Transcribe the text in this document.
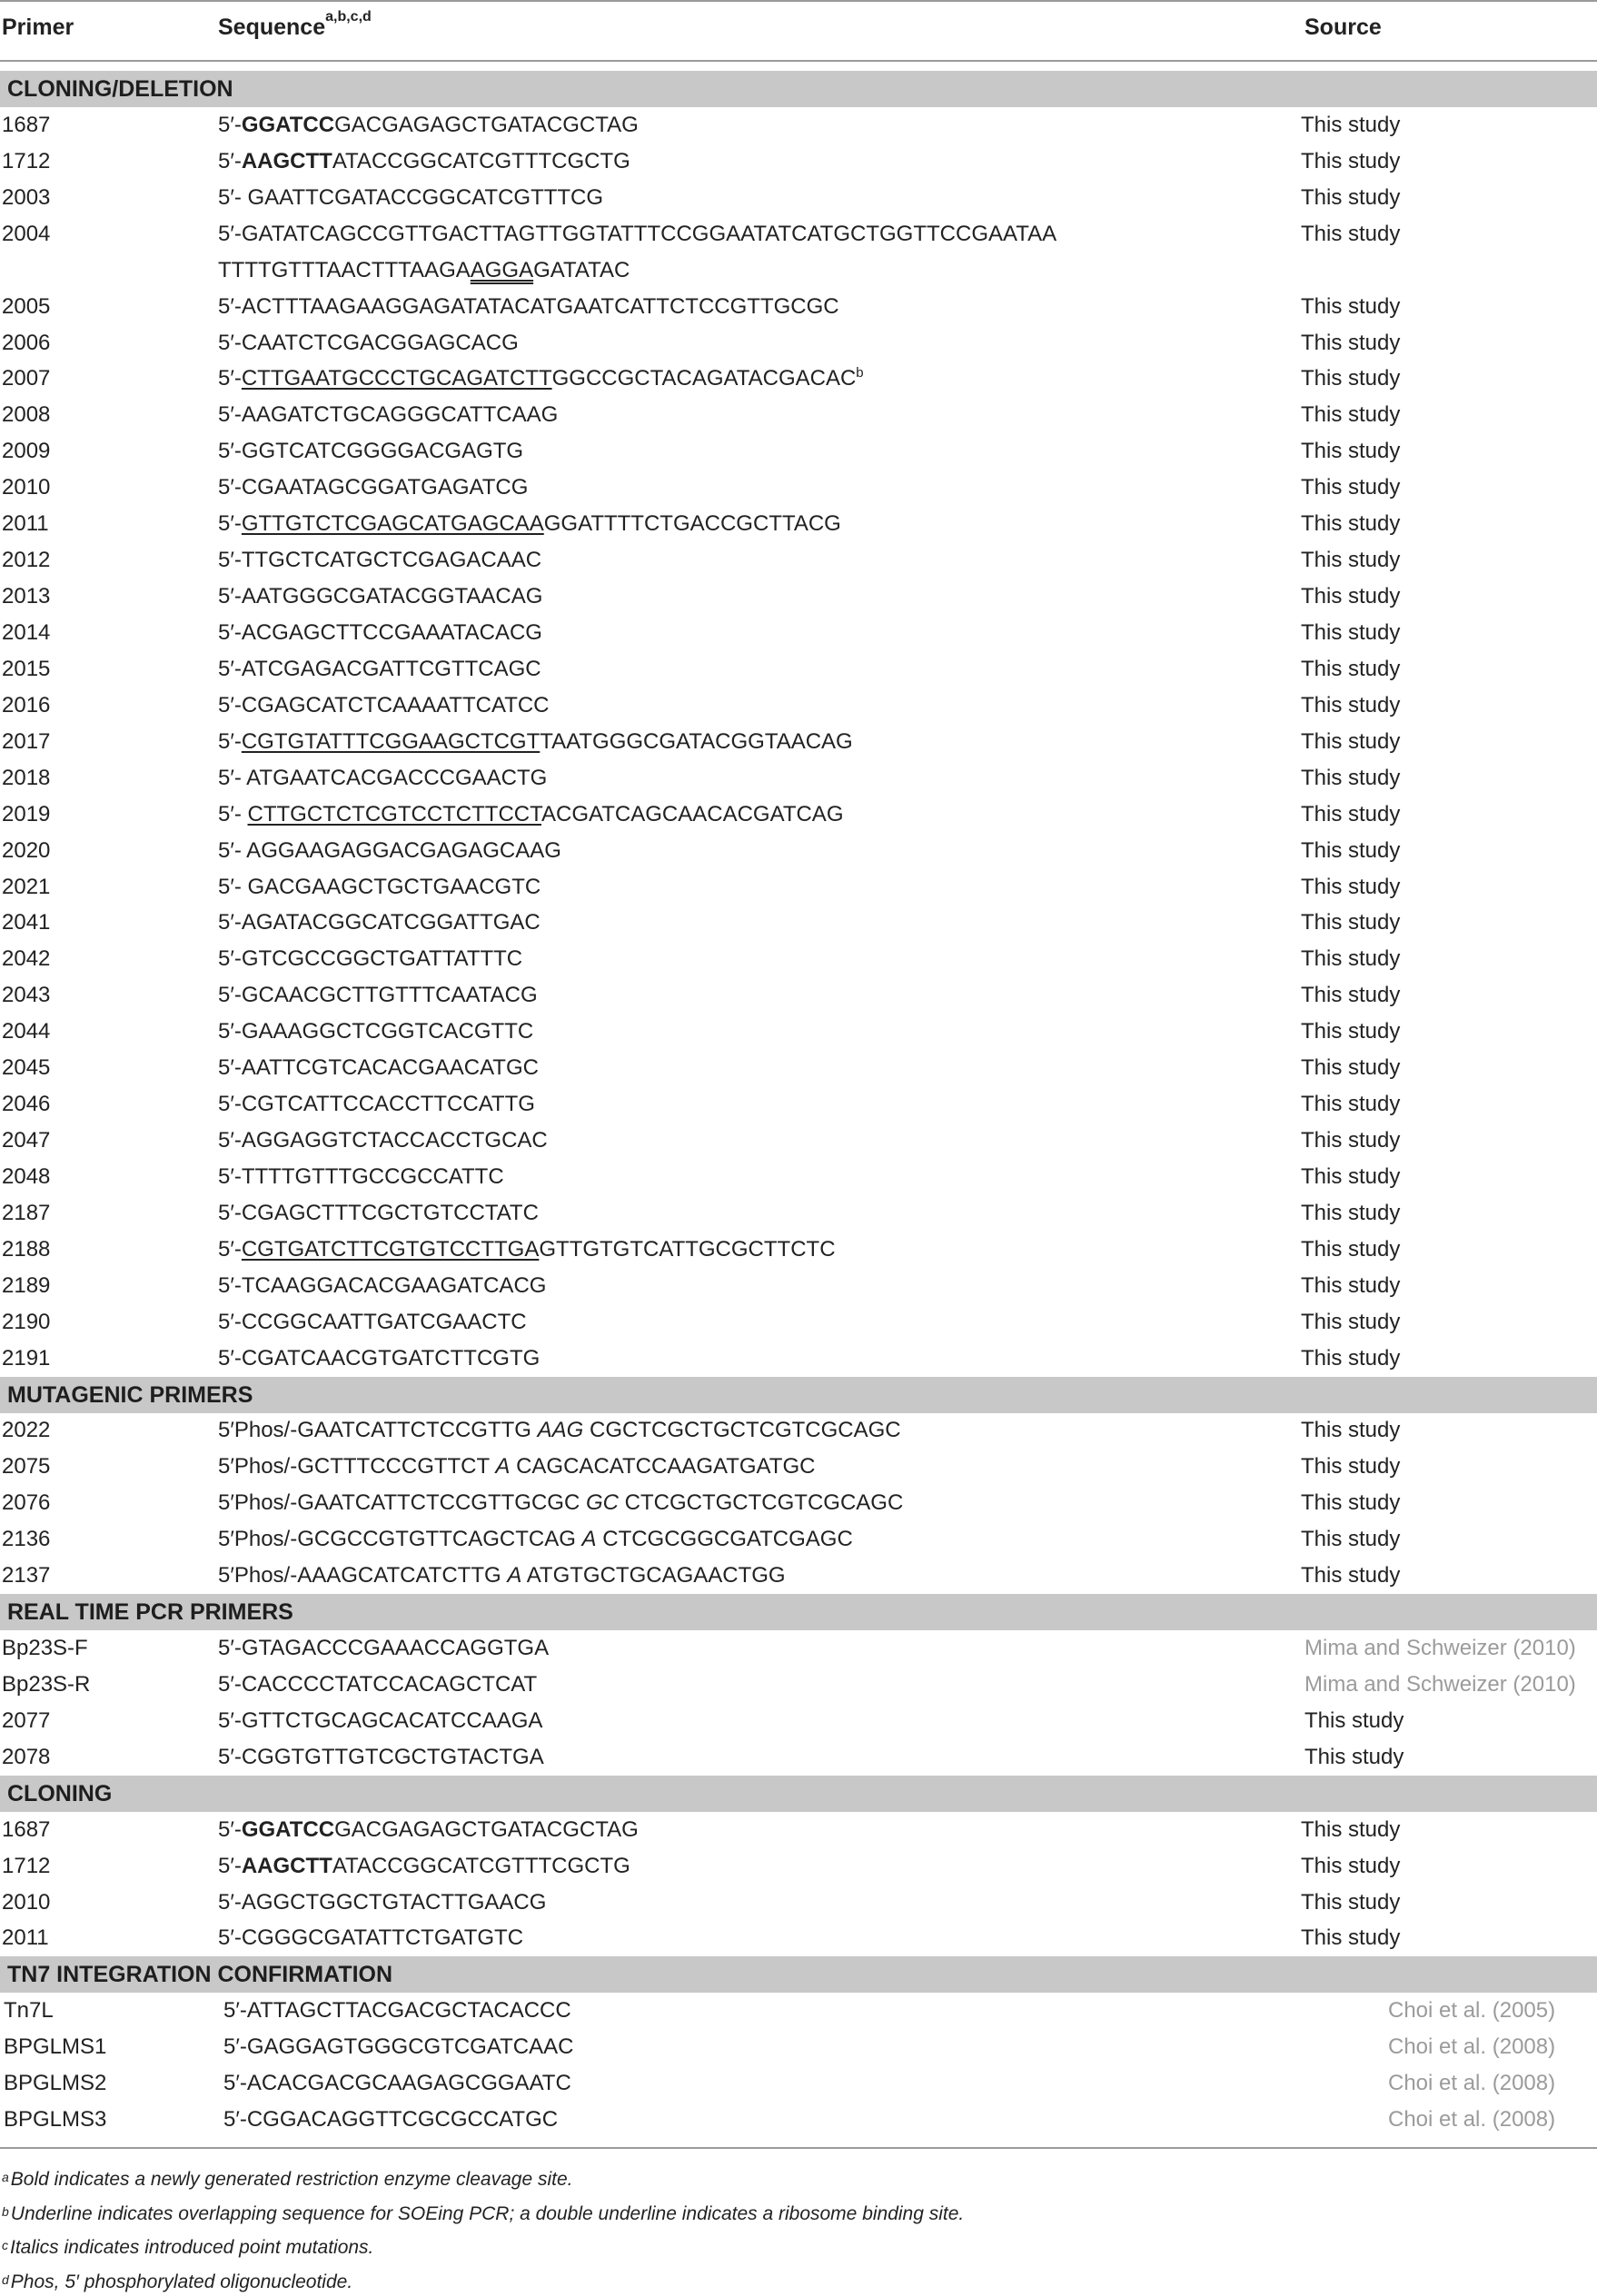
Primer	Sequence$^{a,b,c,d}$	Source
CLONING/DELETION
1687	5′-GGATCCGACGAGAGCTGATACGCTAG	This study
1712	5′-AAGCTTATACCGGCATCGTTTCGCTG	This study
2003	5′- GAATTCGATACCGGCATCGTTTCG	This study
2004	5′-GATATCAGCCGTTGACTTAGTTGGTATTTCCGGAATATCATGCTGGTTCCGAATAA	This study
TTTTGTTTAACTTTAAGAAGGAGATATAC
2005	5′-ACTTTAAGAAGGAGATATACATGAATCATTCTCCGTTGCGC	This study
2006	5′-CAATCTCGACGGAGCACG	This study
2007	5′-CTTGAATGCCCTGCAGATCTTGGCCGCTACAGATACGACAC$^b$	This study
2008	5′-AAGATCTGCAGGGCATTCAAG	This study
2009	5′-GGTCATCGGGGACGAGTG	This study
2010	5′-CGAATAGCGGATGAGATCG	This study
2011	5′-GTTGTCTCGAGCATGAGCAAGGATTTTCTGACCGCTTACG	This study
2012	5′-TTGCTCATGCTCGAGACAAC	This study
2013	5′-AATGGGCGATACGGTAACAG	This study
2014	5′-ACGAGCTTCCGAAATACACG	This study
2015	5′-ATCGAGACGATTCGTTCAGC	This study
2016	5′-CGAGCATCTCAAAATTCATCC	This study
2017	5′-CGTGTATTTCGGAAGCTCGTTAATGGGCGATACGGTAACAG	This study
2018	5′- ATGAATCACGACCCGAACTG	This study
2019	5′- CTTGCTCTCGTCCTCTTCCTACGATCAGCAACACGATCAG	This study
2020	5′- AGGAAGAGGACGAGAGCAAG	This study
2021	5′- GACGAAGCTGCTGAACGTC	This study
2041	5′-AGATACGGCATCGGATTGAC	This study
2042	5′-GTCGCCGGCTGATTATTTC	This study
2043	5′-GCAACGCTTGTTTCAATACG	This study
2044	5′-GAAAGGCTCGGTCACGTTC	This study
2045	5′-AATTCGTCACACGAACATGC	This study
2046	5′-CGTCATTCCACCTTCCATTG	This study
2047	5′-AGGAGGTCTACCACCTGCAC	This study
2048	5′-TTTTGTTTGCCGCCATTC	This study
2187	5′-CGAGCTTTCGCTGTCCTATC	This study
2188	5′-CGTGATCTTCGTGTCCTTGAGTTGTGTCATTGCGCTTCTC	This study
2189	5′-TCAAGGACACGAAGATCACG	This study
2190	5′-CCGGCAATTGATCGAACTC	This study
2191	5′-CGATCAACGTGATCTTCGTG	This study
MUTAGENIC PRIMERS
2022	5′Phos/-GAATCATTCTCCGTTG AAG CGCTCGCTGCTCGTCGCAGC	This study
2075	5′Phos/-GCTTTCCCGTTCT A CAGCACATCCAAGATGATGC	This study
2076	5′Phos/-GAATCATTCTCCGTTGCGC GC CTCGCTGCTCGTCGCAGC	This study
2136	5′Phos/-GCGCCGTGTTCAGCTCAG A CTCGCGGCGATCGAGC	This study
2137	5′Phos/-AAAGCATCATCTTG A ATGTGCTGCAGAACTGG	This study
REAL TIME PCR PRIMERS
Bp23S-F	5′-GTAGACCCGAAACCAGGTGA	Mima and Schweizer (2010)
Bp23S-R	5′-CACCCCTATCCACAGCTCAT	Mima and Schweizer (2010)
2077	5′-GTTCTGCAGCACATCCAAGA	This study
2078	5′-CGGTGTTGTCGCTGTACTGA	This study
CLONING
1687	5′-GGATCCGACGAGAGCTGATACGCTAG	This study
1712	5′-AAGCTTATACCGGCATCGTTTCGCTG	This study
2010	5′-AGGCTGGCTGTACTTGAACG	This study
2011	5′-CGGGCGATATTCTGATGTC	This study
TN7 INTEGRATION CONFIRMATION
Tn7L	5′-ATTAGCTTACGACGCTACACCC	Choi et al. (2005)
BPGLMS1	5′-GAGGAGTGGGCGTCGATCAAC	Choi et al. (2008)
BPGLMS2	5′-ACACGACGCAAGAGCGGAATC	Choi et al. (2008)
BPGLMS3	5′-CGGACAGGTTCGCGCCATGC	Choi et al. (2008)
$^a$Bold indicates a newly generated restriction enzyme cleavage site.
$^b$Underline indicates overlapping sequence for SOEing PCR; a double underline indicates a ribosome binding site.
$^c$Italics indicates introduced point mutations.
$^d$Phos, 5′ phosphorylated oligonucleotide.
